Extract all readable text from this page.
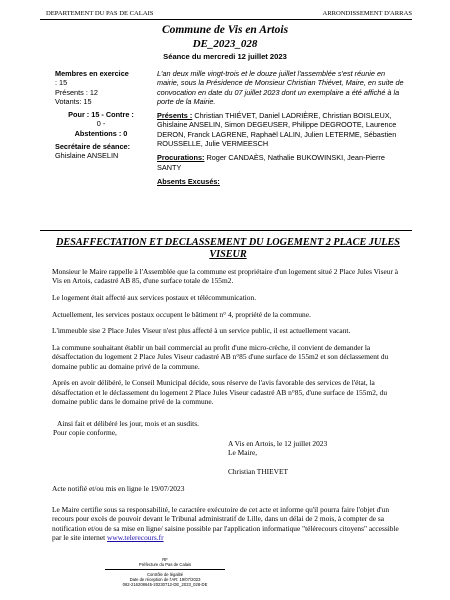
DEPARTEMENT DU PAS DE CALAIS	ARRONDISSEMENT D'ARRAS
Commune de Vis en Artois
DE_2023_028
Séance du mercredi 12 juillet 2023
Membres en exercice
: 15
Présents : 12
Votants: 15
Pour : 15 - Contre :
0 -
Abstentions : 0
Secrétaire de séance:
Ghislaine ANSELIN
L'an deux mille vingt-trois et le douze juillet l'assemblée s'est réunie en mairie, sous la Présidence de Monsieur Christian Thiévet, Maire, en suite de convocation en date du 07 juillet 2023 dont un exemplaire a été affiché à la porte de la Mairie.
Présents : Christian THIÉVET, Daniel LADRIÈRE, Christian BOISLEUX, Ghislaine ANSELIN, Simon DEGEUSER, Philippe DEGROOTE, Laurence DERON, Franck LAGRENE, Raphaël LALIN, Julien LETERME, Sébastien ROUSSELLE, Julie VERMEESCH
Procurations: Roger CANDAÈS, Nathalie BUKOWINSKI, Jean-Pierre SANTY
Absents Excusés:
DESAFFECTATION ET DECLASSEMENT DU LOGEMENT 2 PLACE JULES VISEUR

Monsieur le Maire rappelle à l'Assemblée que la commune est propriétaire d'un logement situé 2 Place Jules Viseur à Vis en Artois, cadastré AB 85, d'une surface totale de 155m2.

Le logement était affecté aux services postaux et télécommunication.

Actuellement, les services postaux occupent le bâtiment n° 4, propriété de la commune.

L'immeuble sise 2 Place Jules Viseur n'est plus affecté à un service public, il est actuellement vacant.

La commune souhaitant établir un bail commercial au profit d'une micro-crèche, il convient de demander la désaffectation du logement 2 Place Jules Viseur cadastré AB n°85 d'une surface de 155m2 et son déclassement du domaine public au domaine privé de la commune.

Après en avoir délibéré, le Conseil Municipal décide, sous réserve de l'avis favorable des services de l'état, la désaffectation et le déclassement du logement 2 Place Jules Viseur cadastré AB n°85, d'une surface de 155m2, du domaine public dans le domaine privé de la commune.

Ainsi fait et délibéré les jour, mois et an susdits.
Pour copie conforme,
A Vis en Artois, le 12 juillet 2023
Le Maire,
Christian THIEVET
Acte notifié et/ou mis en ligne le 19/07/2023
Le Maire certifie sous sa responsabilité, le caractère exécutoire de cet acte et informe qu'il pourra faire l'objet d'un recours pour excès de pouvoir devant le Tribunal administratif de Lille, dans un délai de 2 mois, à compter de sa notification et/ou de sa mise en ligne/ saisine possible par l'application informatique "télérecours citoyens" accessible par le site internet www.telerecours.fr
RF
Préfecture du Pas de Calais
Contrôle de légalité
Date de réception de l'AR: 19/07/2023
062-216208645-20230712-DE_2023_028-DE
